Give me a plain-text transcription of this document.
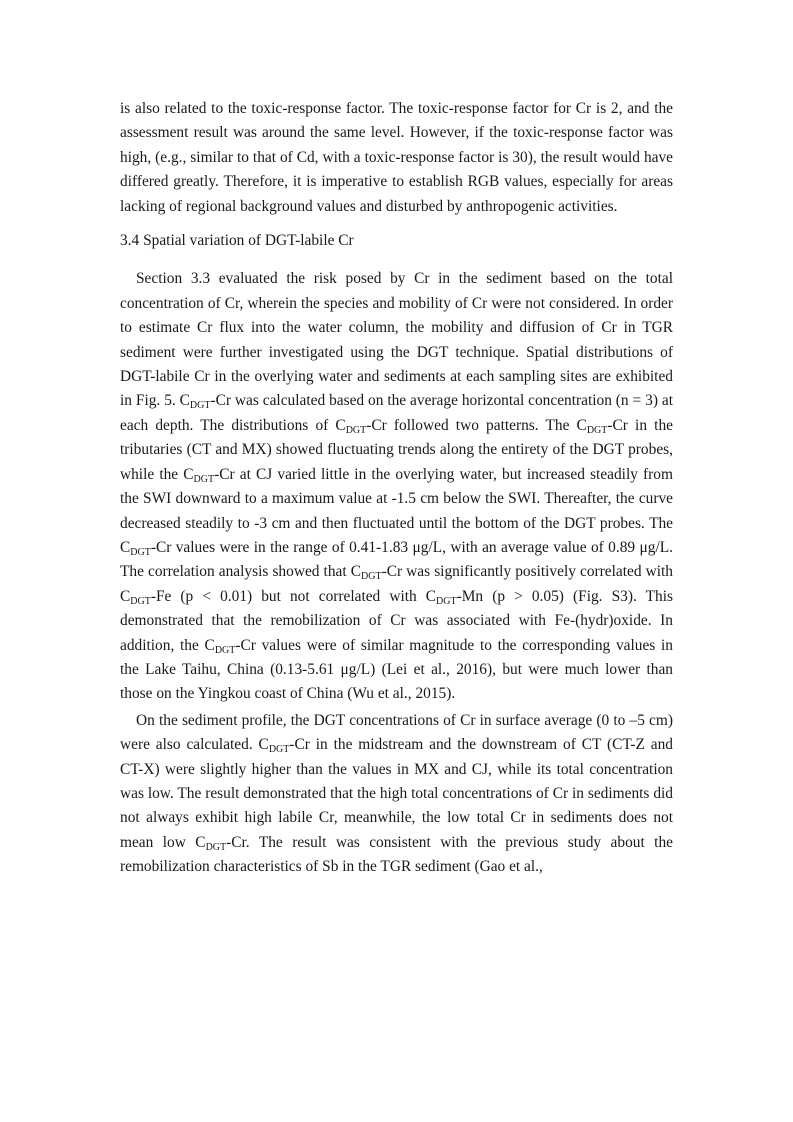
is also related to the toxic-response factor. The toxic-response factor for Cr is 2, and the assessment result was around the same level. However, if the toxic-response factor was high, (e.g., similar to that of Cd, with a toxic-response factor is 30), the result would have differed greatly. Therefore, it is imperative to establish RGB values, especially for areas lacking of regional background values and disturbed by anthropogenic activities.

3.4 Spatial variation of DGT-labile Cr

Section 3.3 evaluated the risk posed by Cr in the sediment based on the total concentration of Cr, wherein the species and mobility of Cr were not considered. In order to estimate Cr flux into the water column, the mobility and diffusion of Cr in TGR sediment were further investigated using the DGT technique. Spatial distributions of DGT-labile Cr in the overlying water and sediments at each sampling sites are exhibited in Fig. 5. $C_{DGT}-Cr$ was calculated based on the average horizontal concentration (n = 3) at each depth. The distributions of $C_{DGT}-Cr$ followed two patterns. The $C_{DGT}-Cr$ in the tributaries (CT and MX) showed fluctuating trends along the entirety of the DGT probes, while the $C_{DGT}-Cr$ at CJ varied little in the overlying water, but increased steadily from the SWI downward to a maximum value at -1.5 cm below the SWI. Thereafter, the curve decreased steadily to -3 cm and then fluctuated until the bottom of the DGT probes. The $C_{DGT}-Cr$ values were in the range of 0.41-1.83 μg/L, with an average value of 0.89 μg/L. The correlation analysis showed that $C_{DGT}-Cr$ was significantly positively correlated with $C_{DGT}-Fe$ (p < 0.01) but not correlated with $C_{DGT}-Mn$ (p > 0.05) (Fig. S3). This demonstrated that the remobilization of Cr was associated with Fe-(hydr)oxide. In addition, the $C_{DGT}-Cr$ values were of similar magnitude to the corresponding values in the Lake Taihu, China (0.13-5.61 μg/L) (Lei et al., 2016), but were much lower than those on the Yingkou coast of China (Wu et al., 2015).

On the sediment profile, the DGT concentrations of Cr in surface average (0 to –5 cm) were also calculated. $C_{DGT}-Cr$ in the midstream and the downstream of CT (CT-Z and CT-X) were slightly higher than the values in MX and CJ, while its total concentration was low. The result demonstrated that the high total concentrations of Cr in sediments did not always exhibit high labile Cr, meanwhile, the low total Cr in sediments does not mean low $C_{DGT}-Cr$. The result was consistent with the previous study about the remobilization characteristics of Sb in the TGR sediment (Gao et al.,
